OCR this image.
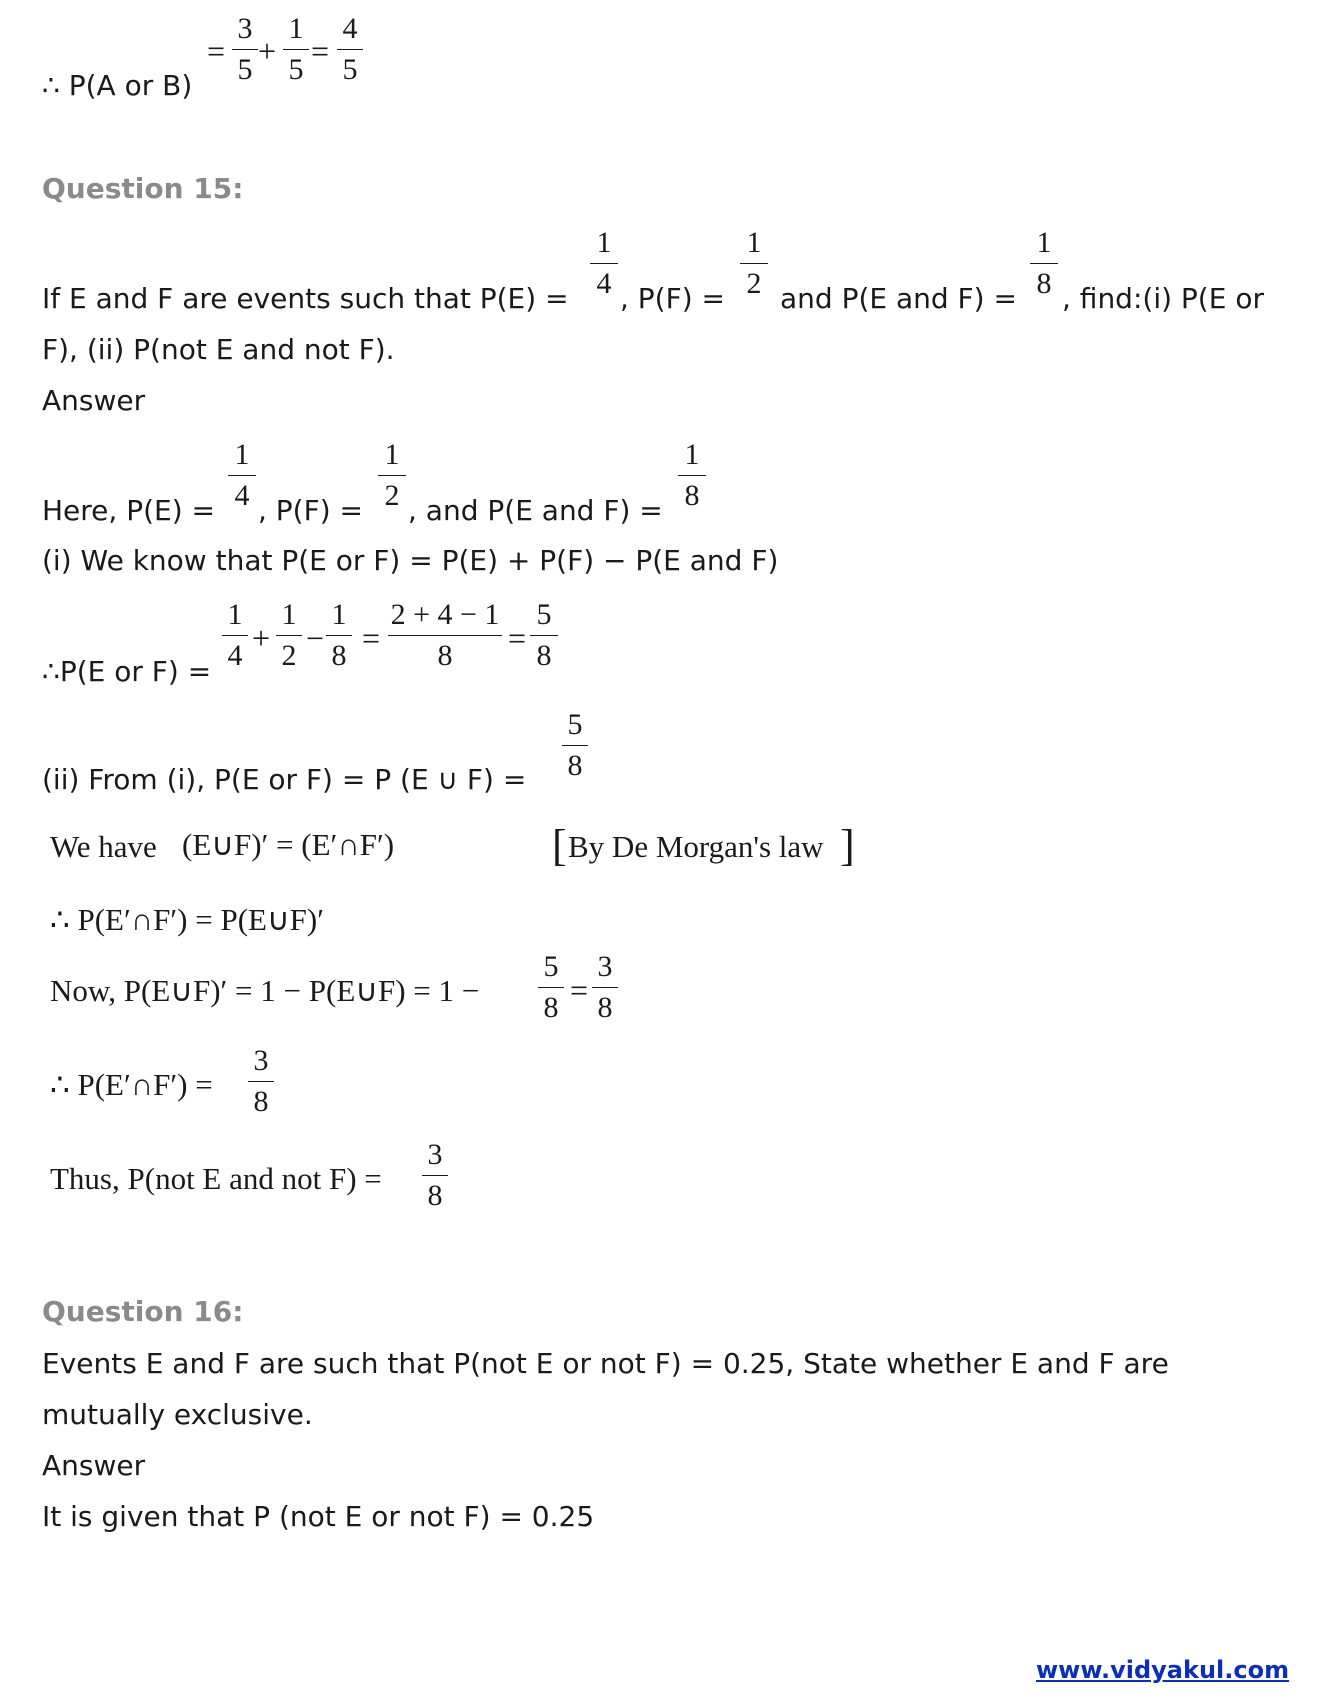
∴ P(A or B)
=
3
5
+
1
5
=
4
5
Question 15:
If E and F are events such that P(E) =
1
4 , P(F) =
1
2 and P(E and F) =
1
8 , find:(i) P(E or
F), (ii) P(not E and not F).
Answer
Here, P(E) =
1
4 , P(F) =
1
2 , and P(E and F) =
1
8
(i) We know that P(E or F) = P(E) + P(F) − P(E and F)
∴P(E or F) =
1
4 +
1
2 −
1
8 =
2 + 4 − 1
8	=
5
8
(ii) From (i), P(E or F) = P (E ∪ F) =
5
8
We have (E∪F)′ = (E′∩F′)	[ By De Morgan's law ]
∴ P(E′∩F′) = P(E∪F)′
Now, P(E∪F)′ = 1 − P(E∪F) = 1 −
5
8 =
3
8
∴ P(E′∩F′) =
3
8
Thus, P(not E and not F) =
3
8
Question 16:
Events E and F are such that P(not E or not F) = 0.25, State whether E and F are
mutually exclusive.
Answer
It is given that P (not E or not F) = 0.25
www.vidyakul.com
